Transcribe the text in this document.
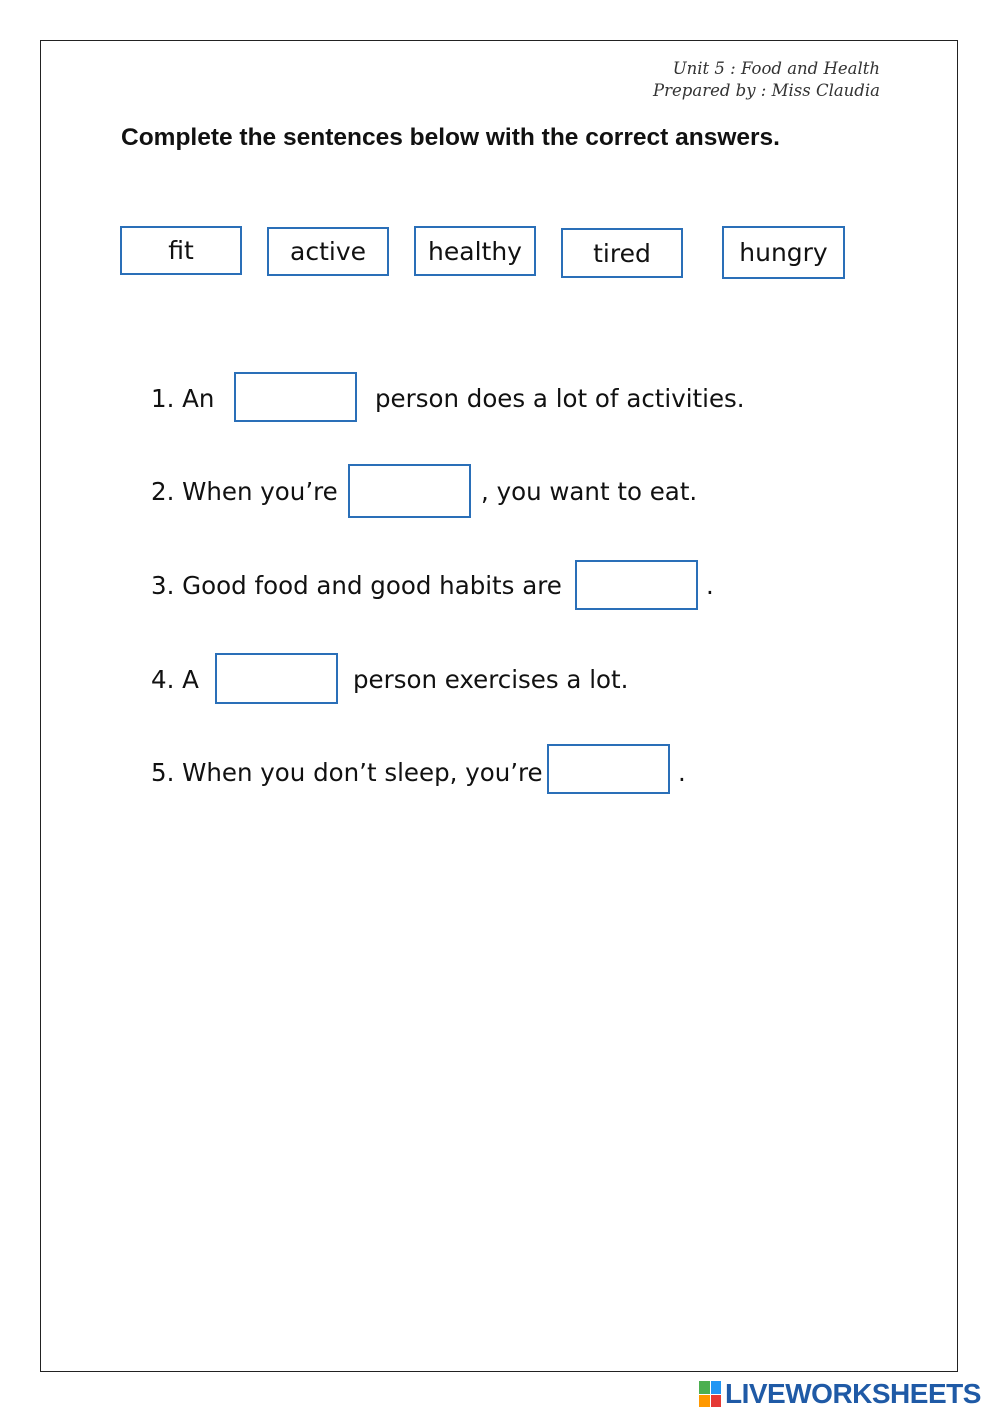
Unit 5 : Food and Health
Prepared by : Miss Claudia
Complete the sentences below with the correct answers.
fit	active	healthy	tired	hungry
1. An	person does a lot of activities.
2. When you’re	, you want to eat.
3. Good food and good habits are	.
4. A	person exercises a lot.
5. When you don’t sleep, you’re	.
LIVEWORKSHEETS
